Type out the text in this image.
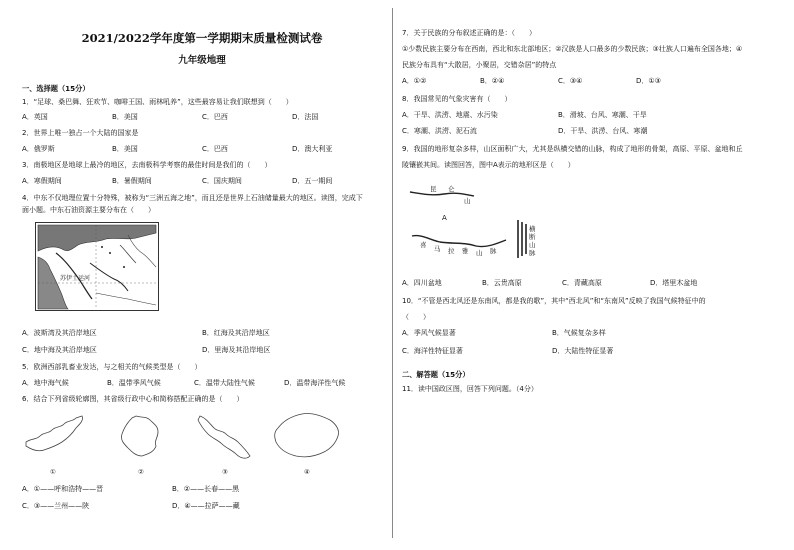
2021/2022学年度第一学期期末质量检测试卷
九年级地理
一、选择题（15分）
1．“足球、桑巴舞、狂欢节、咖啡王国、雨林吼养”，这些最容易让我们联想到（　　）
A．英国	B．美国	C．巴西	D．法国
2．世界上唯一独占一个大陆的国家是
A．俄罗斯	B．美国	C．巴西	D．澳大利亚
3．南极地区是地球上最冷的地区，去南极科学考察的最佳时间是我们的（　　）
A．寒假期间	B．暑假期间	C．国庆期间	D．五一期间
4．中东不仅地理位置十分特殊，被称为“三洲五海之地”，而且还是世界上石油储量最大的地区。读图，完成下
面小题。中东石油资源主要分布在（　　）
苏伊士运河
A．波斯湾及其沿岸地区	B．红海及其沿岸地区
C．地中海及其沿岸地区	D．里海及其沿岸地区
5．欧洲西部乳畜业发达，与之相关的气候类型是（　　）
A．地中海气候	B．温带季风气候	C．温带大陆性气候	D．温带海洋性气候
6．结合下列省级轮廓图，其省级行政中心和简称搭配正确的是（　　）
①	②	③	④
A．①——呼和浩特——晋	B．②——长春——黑
C．③——兰州——陕	D．④——拉萨——藏
7．关于民族的分布叙述正确的是：（　　）
①少数民族主要分布在西南，西北和东北部地区；②汉族是人口最多的少数民族；③壮族人口遍布全国各地；④
民族分布具有“大散居，小聚居，交错杂居”的特点
A．①②	B．②④	C．③④	D．①③
8．我国常见的气象灾害有（　　）
A．干旱、洪涝、地震、水污染	B．滑坡、台风、寒潮、干旱
C．寒潮、洪涝、泥石流	D．干旱、洪涝、台风、寒潮
9．我国的地形复杂多样，山区面积广大，尤其是纵横交错的山脉，构成了地形的骨架，高原、平原、盆地和丘
陵镶嵌其间。读图回答，图中A表示的地形区是（　　）
昆 仑
山
A
喜 马 拉 雅 山 脉
横
断
山
脉
A．四川盆地	B．云贵高原	C．青藏高原	D．塔里木盆地
10．“不管是西北风还是东南风，都是我的歌”，其中“西北风”和“东南风”反映了我国气候特征中的
（　　）
A．季风气候显著	B．气候复杂多样
C．海洋性特征显著	D．大陆性特征显著
二、解答题（15分）
11．读中国政区图，回答下列问题。（4分）
